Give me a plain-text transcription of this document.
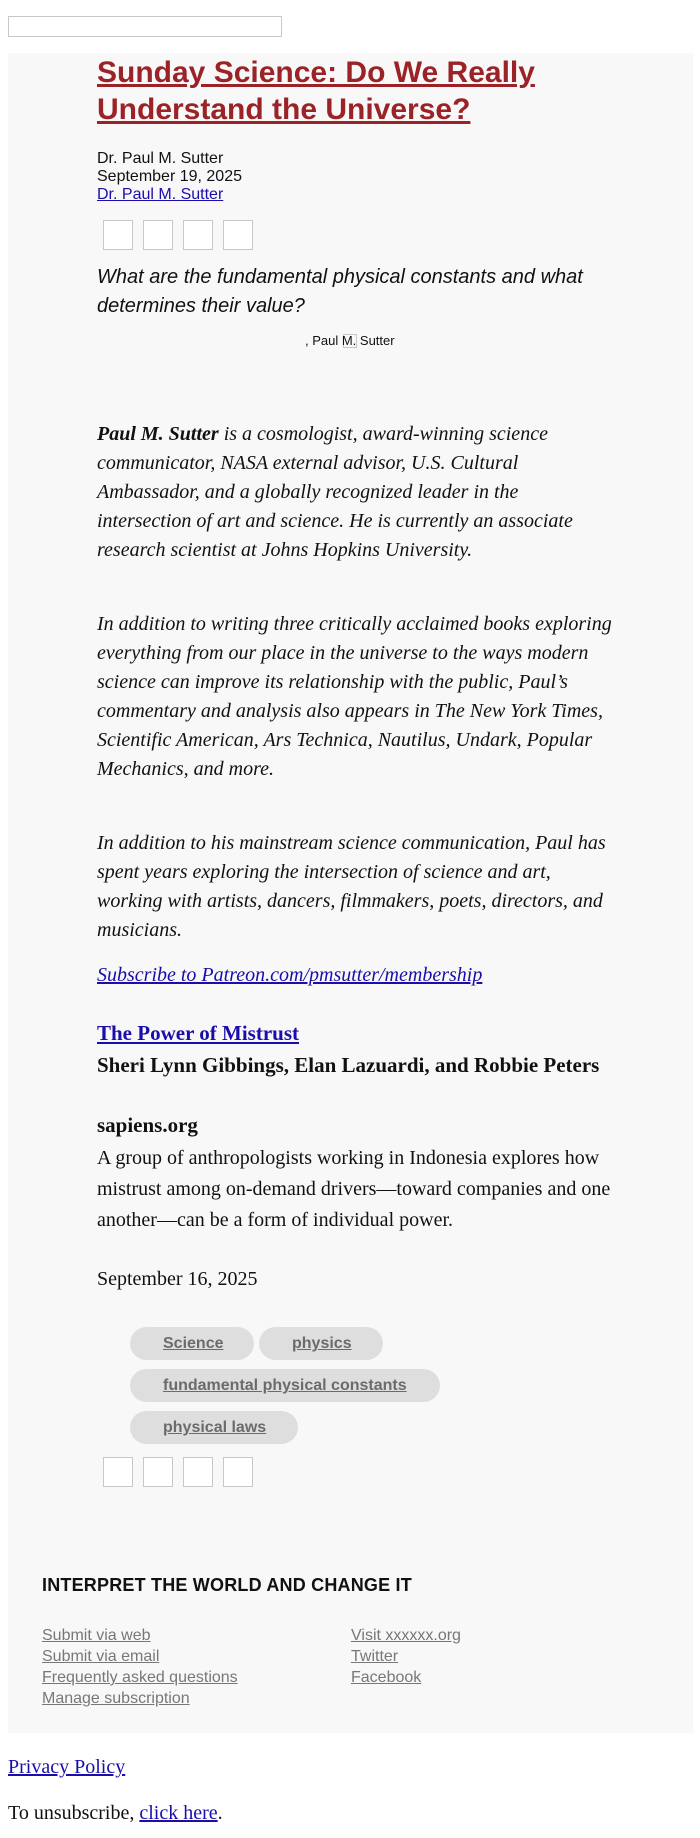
Sunday Science: Do We Really Understand the Universe?
Dr. Paul M. Sutter
September 19, 2025
Dr. Paul M. Sutter

What are the fundamental physical constants and what determines their value?

, Paul M. Sutter

Paul M. Sutter is a cosmologist, award-winning science communicator, NASA external advisor, U.S. Cultural Ambassador, and a globally recognized leader in the intersection of art and science. He is currently an associate research scientist at Johns Hopkins University.

In addition to writing three critically acclaimed books exploring everything from our place in the universe to the ways modern science can improve its relationship with the public, Paul’s commentary and analysis also appears in The New York Times, Scientific American, Ars Technica, Nautilus, Undark, Popular Mechanics, and more.

In addition to his mainstream science communication, Paul has spent years exploring the intersection of science and art, working with artists, dancers, filmmakers, poets, directors, and musicians.

Subscribe to Patreon.com/pmsutter/membership

The Power of Mistrust
Sheri Lynn Gibbings, Elan Lazuardi, and Robbie Peters
sapiens.org
A group of anthropologists working in Indonesia explores how mistrust among on-demand drivers—toward companies and one another—can be a form of individual power.
September 16, 2025
Science	physics
fundamental physical constants
physical laws
INTERPRET THE WORLD AND CHANGE IT
Submit via web
Submit via email
Frequently asked questions
Manage subscription
Visit xxxxxx.org
Twitter
Facebook
Privacy Policy
To unsubscribe, click here.
